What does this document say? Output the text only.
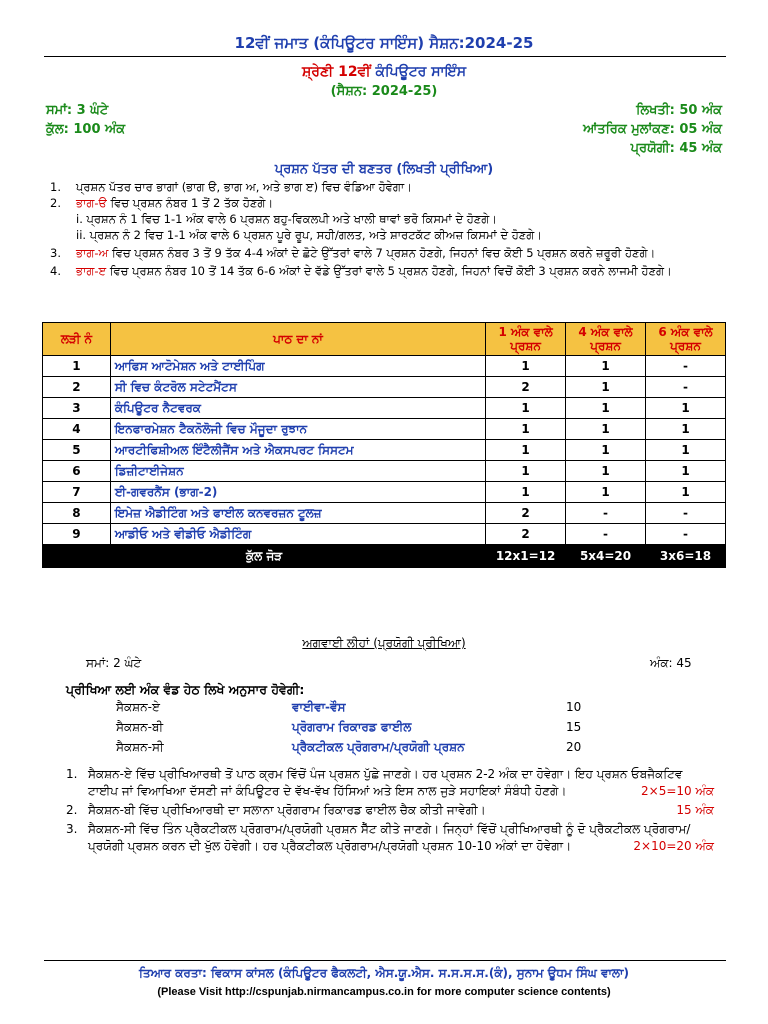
12ਵੀਂ ਜਮਾਤ (ਕੰਪਿਊਟਰ ਸਾਇੰਸ) ਸੈਸ਼ਨ:2024-25
ਸ਼੍ਰੇਣੀ 12ਵੀਂ ਕੰਪਿਊਟਰ ਸਾਇੰਸ
(ਸੈਸ਼ਨ: 2024-25)
ਸਮਾਂ: 3 ਘੰਟੇ
ਕੁੱਲ: 100 ਅੰਕ
ਲਿਖਤੀ: 50 ਅੰਕ
ਆਂਤਰਿਕ ਮੁਲਾਂਕਣ: 05 ਅੰਕ
ਪ੍ਰਯੋਗੀ: 45 ਅੰਕ
ਪ੍ਰਸ਼ਨ ਪੱਤਰ ਦੀ ਬਣਤਰ (ਲਿਖਤੀ ਪ੍ਰੀਖਿਆ)
1. ਪ੍ਰਸ਼ਨ ਪੱਤਰ ਚਾਰ ਭਾਗਾਂ (ਭਾਗ ੳ, ਭਾਗ ਅ, ਅਤੇ ਭਾਗ ੲ) ਵਿਚ ਵੰਡਿਆ ਹੋਵੇਗਾ।
2. ਭਾਗ-ੳ ਵਿਚ ਪ੍ਰਸ਼ਨ ਨੰਬਰ 1 ਤੋਂ 2 ਤੱਕ ਹੋਣਗੇ।
i. ਪ੍ਰਸ਼ਨ ਨੰ 1 ਵਿਚ 1-1 ਅੰਕ ਵਾਲੇ 6 ਪ੍ਰਸ਼ਨ ਬਹੁ-ਵਿਕਲਪੀ ਅਤੇ ਖਾਲੀ ਥਾਵਾਂ ਭਰੋ ਕਿਸਮਾਂ ਦੇ ਹੋਣਗੇ।
ii. ਪ੍ਰਸ਼ਨ ਨੰ 2 ਵਿਚ 1-1 ਅੰਕ ਵਾਲੇ 6 ਪ੍ਰਸ਼ਨ ਪੂਰੇ ਰੂਪ, ਸਹੀ/ਗਲਤ, ਅਤੇ ਸ਼ਾਰਟਕੱਟ ਕੀਅਜ਼ ਕਿਸਮਾਂ ਦੇ ਹੋਣਗੇ।
3. ਭਾਗ-ਅ ਵਿਚ ਪ੍ਰਸ਼ਨ ਨੰਬਰ 3 ਤੋਂ 9 ਤੱਕ 4-4 ਅੰਕਾਂ ਦੇ ਛੋਟੇ ਉੱਤਰਾਂ ਵਾਲੇ 7 ਪ੍ਰਸ਼ਨ ਹੋਣਗੇ, ਜਿਹਨਾਂ ਵਿਚ ਕੋਈ 5 ਪ੍ਰਸ਼ਨ ਕਰਨੇ ਜ਼ਰੂਰੀ ਹੋਣਗੇ।
4. ਭਾਗ-ੲ ਵਿਚ ਪ੍ਰਸ਼ਨ ਨੰਬਰ 10 ਤੋਂ 14 ਤੱਕ 6-6 ਅੰਕਾਂ ਦੇ ਵੱਡੇ ਉੱਤਰਾਂ ਵਾਲੇ 5 ਪ੍ਰਸ਼ਨ ਹੋਣਗੇ, ਜਿਹਨਾਂ ਵਿਚੋਂ ਕੋਈ 3 ਪ੍ਰਸ਼ਨ ਕਰਨੇ ਲਾਜਮੀ ਹੋਣਗੇ।
ਲੜੀ ਨੰ	ਪਾਠ ਦਾ ਨਾਂ	1 ਅੰਕ ਵਾਲੇ ਪ੍ਰਸ਼ਨ	4 ਅੰਕ ਵਾਲੇ ਪ੍ਰਸ਼ਨ	6 ਅੰਕ ਵਾਲੇ ਪ੍ਰਸ਼ਨ
1	ਆਫਿਸ ਆਟੋਮੇਸ਼ਨ ਅਤੇ ਟਾਈਪਿੰਗ	1	1	-
2	ਸੀ ਵਿਚ ਕੰਟਰੋਲ ਸਟੇਟਮੈਂਟਸ	2	1	-
3	ਕੰਪਿਊਟਰ ਨੈਟਵਰਕ	1	1	1
4	ਇਨਫਾਰਮੇਸ਼ਨ ਟੈਕਨੋਲੋਜੀ ਵਿਚ ਮੌਜੂਦਾ ਰੁਝਾਨ	1	1	1
5	ਆਰਟੀਫਿਸ਼ੀਅਲ ਇੰਟੈਲੀਜੈਂਸ ਅਤੇ ਐਕਸਪਰਟ ਸਿਸਟਮ	1	1	1
6	ਡਿਜ਼ੀਟਾਈਜੇਸ਼ਨ	1	1	1
7	ਈ-ਗਵਰਨੈਂਸ (ਭਾਗ-2)	1	1	1
8	ਇਮੇਜ਼ ਐਡੀਟਿੰਗ ਅਤੇ ਫਾਈਲ ਕਨਵਰਜ਼ਨ ਟੂਲਜ਼	2	-	-
9	ਆਡੀਓ ਅਤੇ ਵੀਡੀਓ ਐਡੀਟਿੰਗ	2	-	-
ਕੁੱਲ ਜੋੜ		12x1=12	5x4=20	3x6=18
ਅਗਵਾਈ ਲੀਹਾਂ (ਪ੍ਰਯੋਗੀ ਪ੍ਰੀਖਿਆ)
ਸਮਾਂ: 2 ਘੰਟੇ	ਅੰਕ: 45
ਪ੍ਰੀਖਿਆ ਲਈ ਅੰਕ ਵੰਡ ਹੇਠ ਲਿਖੇ ਅਨੁਸਾਰ ਹੋਵੇਗੀ:
ਸੈਕਸ਼ਨ-ਏ	ਵਾਈਵਾ-ਵੌਸ	10
ਸੈਕਸ਼ਨ-ਬੀ	ਪ੍ਰੋਗਰਾਮ ਰਿਕਾਰਡ ਫਾਈਲ	15
ਸੈਕਸ਼ਨ-ਸੀ	ਪ੍ਰੈਕਟੀਕਲ ਪ੍ਰੋਗਰਾਮ/ਪ੍ਰਯੋਗੀ ਪ੍ਰਸ਼ਨ	20
1. ਸੈਕਸ਼ਨ-ਏ ਵਿੱਚ ਪ੍ਰੀਖਿਆਰਥੀ ਤੋਂ ਪਾਠ ਕ੍ਰਮ ਵਿੱਚੋਂ ਪੰਜ ਪ੍ਰਸ਼ਨ ਪੁੱਛੇ ਜਾਣਗੇ। ਹਰ ਪ੍ਰਸ਼ਨ 2-2 ਅੰਕ ਦਾ ਹੋਵੇਗਾ। ਇਹ ਪ੍ਰਸ਼ਨ ਓਬਜੈਕਟਿਵ ਟਾਈਪ ਜਾਂ ਵਿਆਖਿਆ ਦੱਸਣੀ ਜਾਂ ਕੰਪਿਊਟਰ ਦੇ ਵੱਖ-ਵੱਖ ਹਿੱਸਿਆਂ ਅਤੇ ਇਸ ਨਾਲ ਜੁੜੇ ਸਹਾਇਕਾਂ ਸੰਬੰਧੀ ਹੋਣਗੇ।	2×5=10 ਅੰਕ
2. ਸੈਕਸ਼ਨ-ਬੀ ਵਿੱਚ ਪ੍ਰੀਖਿਆਰਥੀ ਦਾ ਸਲਾਨਾ ਪ੍ਰੋਗਰਾਮ ਰਿਕਾਰਡ ਫਾਈਲ ਚੈਕ ਕੀਤੀ ਜਾਵੇਗੀ।	15 ਅੰਕ
3. ਸੈਕਸ਼ਨ-ਸੀ ਵਿੱਚ ਤਿੰਨ ਪ੍ਰੈਕਟੀਕਲ ਪ੍ਰੋਗਰਾਮ/ਪ੍ਰਯੋਗੀ ਪ੍ਰਸ਼ਨ ਸੈੱਟ ਕੀਤੇ ਜਾਣਗੇ। ਜਿਨ੍ਹਾਂ ਵਿੱਚੋਂ ਪ੍ਰੀਖਿਆਰਥੀ ਨੂੰ ਦੋ ਪ੍ਰੈਕਟੀਕਲ ਪ੍ਰੋਗਰਾਮ/ਪ੍ਰਯੋਗੀ ਪ੍ਰਸ਼ਨ ਕਰਨ ਦੀ ਖੁੱਲ ਹੋਵੇਗੀ। ਹਰ ਪ੍ਰੈਕਟੀਕਲ ਪ੍ਰੋਗਰਾਮ/ਪ੍ਰਯੋਗੀ ਪ੍ਰਸ਼ਨ 10-10 ਅੰਕਾਂ ਦਾ ਹੋਵੇਗਾ।	2×10=20 ਅੰਕ
ਤਿਆਰ ਕਰਤਾ: ਵਿਕਾਸ ਕਾਂਸਲ (ਕੰਪਿਊਟਰ ਫੈਕਲਟੀ, ਐਸ.ਯੂ.ਐਸ. ਸ.ਸ.ਸ.ਸ.(ਕੰ), ਸੁਨਾਮ ਊਧਮ ਸਿੰਘ ਵਾਲਾ)
(Please Visit http://cspunjab.nirmancampus.co.in for more computer science contents)
